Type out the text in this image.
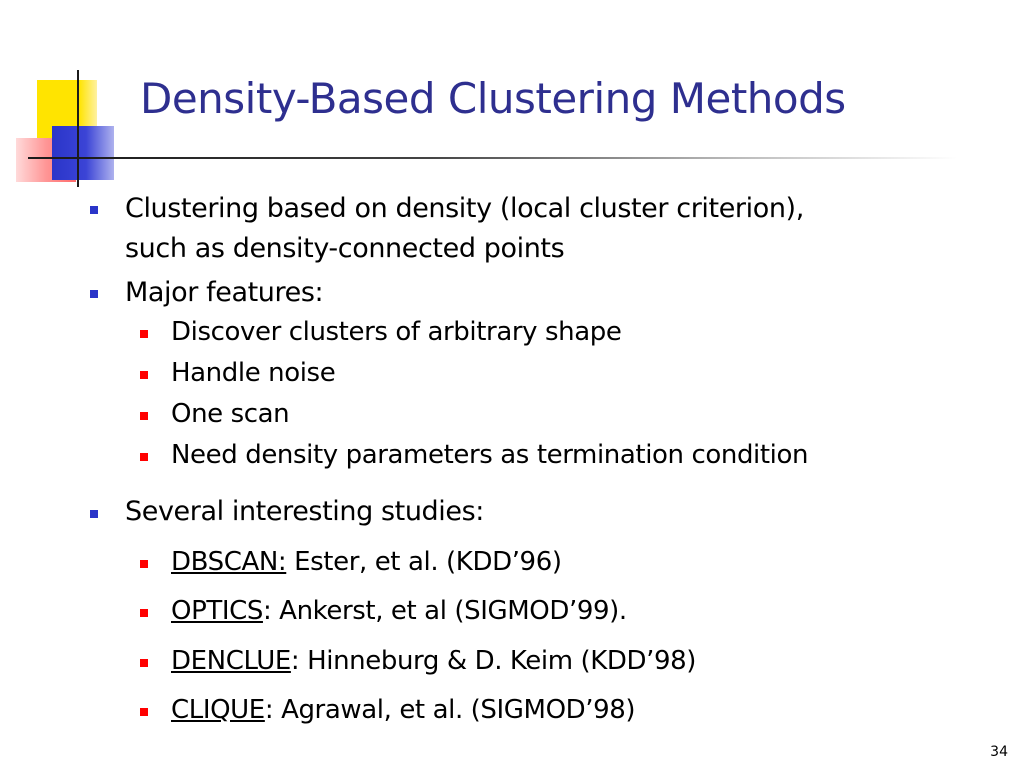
Density-Based Clustering Methods

Clustering based on density (local cluster criterion),

such as density-connected points

Major features:

Discover clusters of arbitrary shape

Handle noise

One scan

Need density parameters as termination condition

Several interesting studies:

DBSCAN: Ester, et al. (KDD’96)

OPTICS: Ankerst, et al (SIGMOD’99).

DENCLUE: Hinneburg & D. Keim (KDD’98)

CLIQUE: Agrawal, et al. (SIGMOD’98)

34
